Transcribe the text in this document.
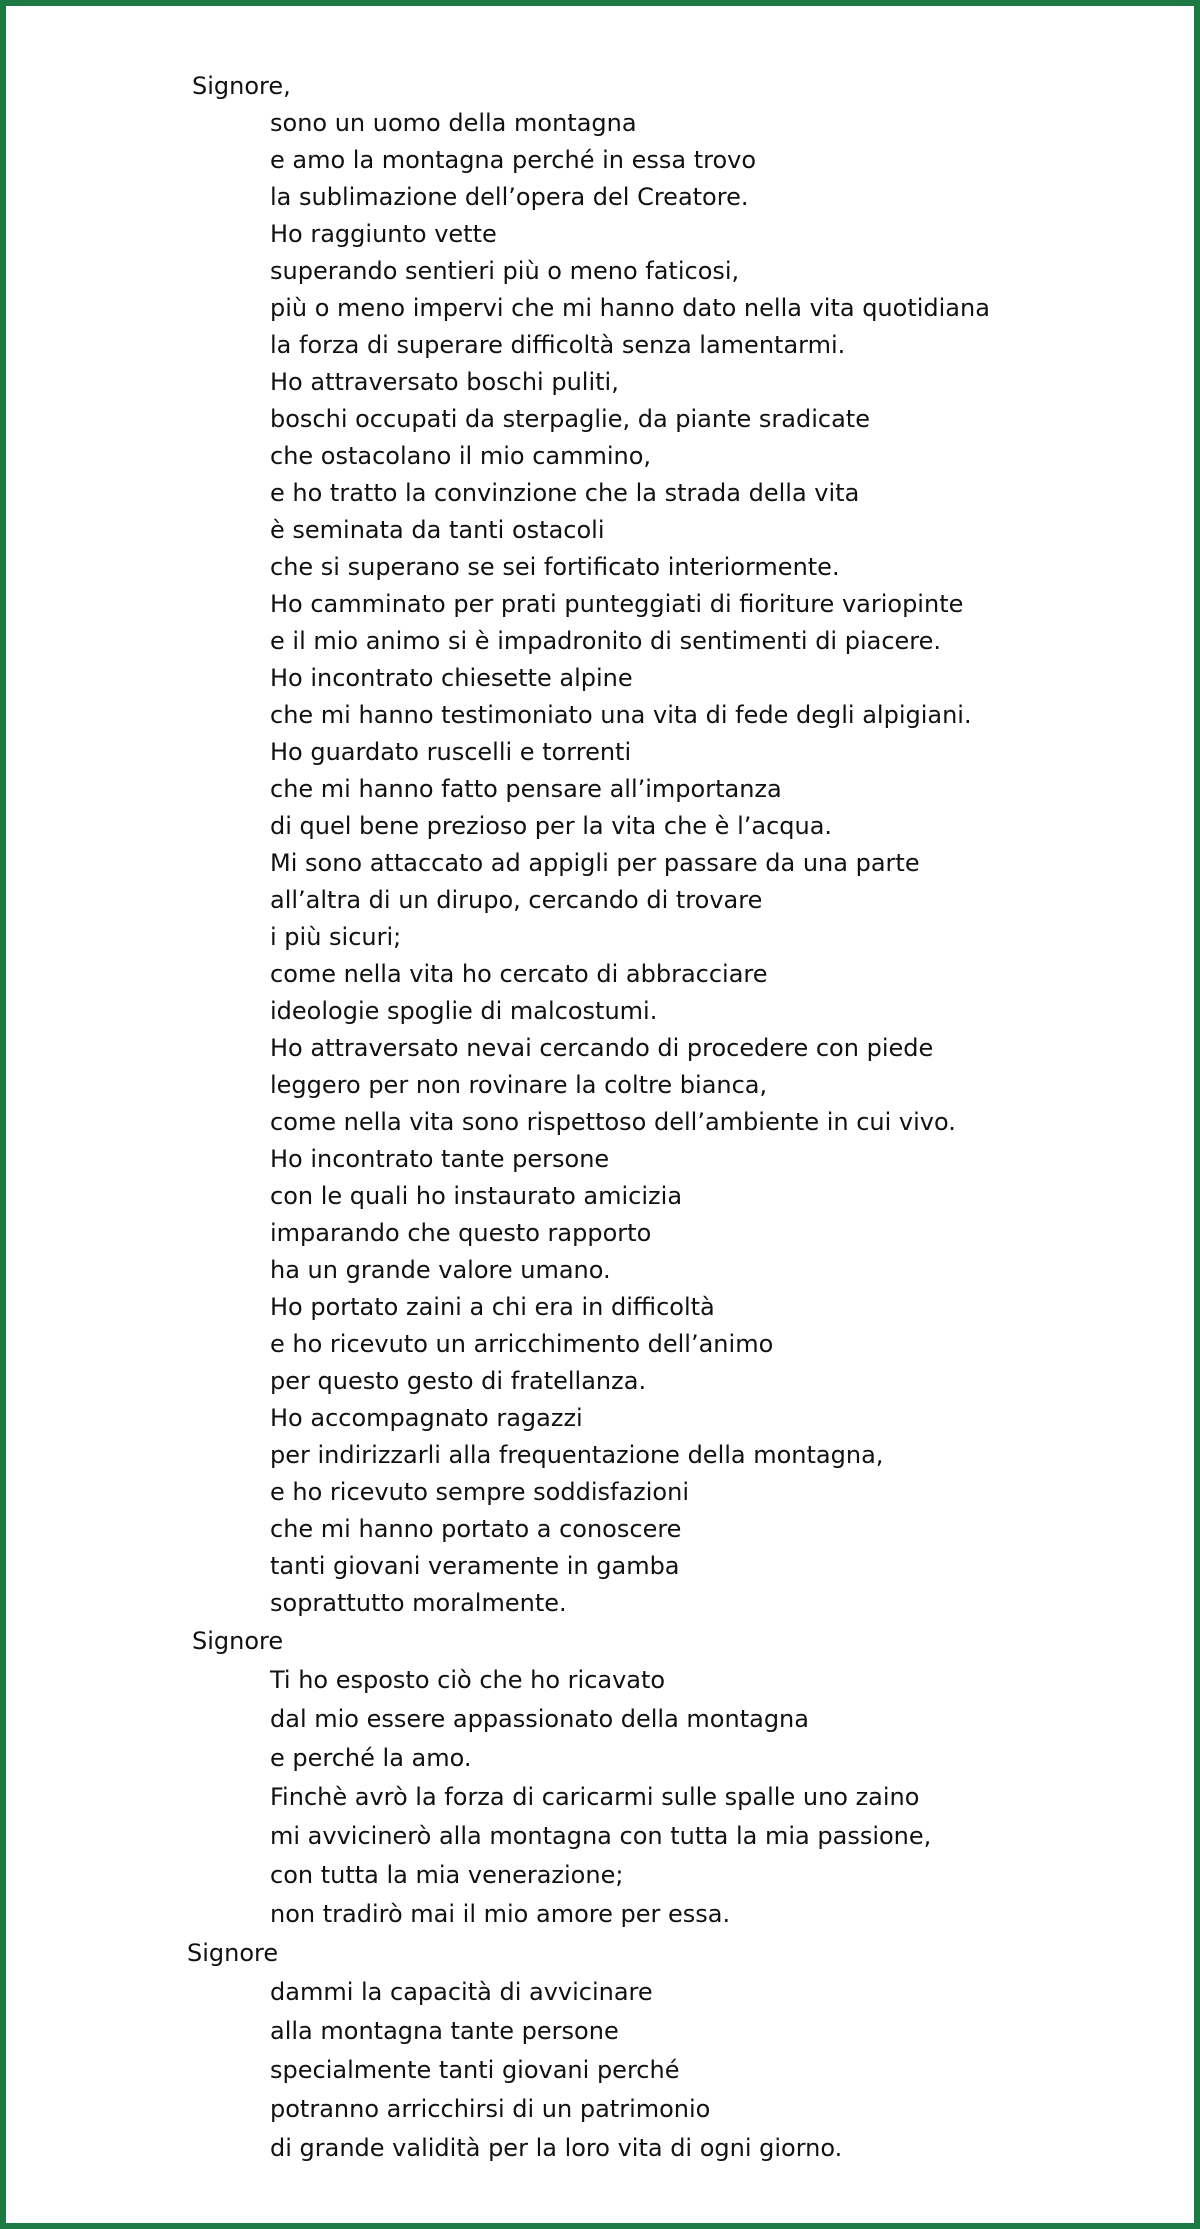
Signore,
sono un uomo della montagna
e amo la montagna perché in essa trovo
la sublimazione dell’opera del Creatore.
Ho raggiunto vette
superando sentieri più o meno faticosi,
più o meno impervi che mi hanno dato nella vita quotidiana
la forza di superare difficoltà senza lamentarmi.
Ho attraversato boschi puliti,
boschi occupati da sterpaglie, da piante sradicate
che ostacolano il mio cammino,
e ho tratto la convinzione che la strada della vita
è seminata da tanti ostacoli
che si superano se sei fortificato interiormente.
Ho camminato per prati punteggiati di fioriture variopinte
e il mio animo si è impadronito di sentimenti di piacere.
Ho incontrato chiesette alpine
che mi hanno testimoniato una vita di fede degli alpigiani.
Ho guardato ruscelli e torrenti
che mi hanno fatto pensare all’importanza
di quel bene prezioso per la vita che è l’acqua.
Mi sono attaccato ad appigli per passare da una parte
all’altra di un dirupo, cercando di trovare
i più sicuri;
come nella vita ho cercato di abbracciare
ideologie spoglie di malcostumi.
Ho attraversato nevai cercando di procedere con piede
leggero per non rovinare la coltre bianca,
come nella vita sono rispettoso dell’ambiente in cui vivo.
Ho incontrato tante persone
con le quali ho instaurato amicizia
imparando che questo rapporto
ha un grande valore umano.
Ho portato zaini a chi era in difficoltà
e ho ricevuto un arricchimento dell’animo
per questo gesto di fratellanza.
Ho accompagnato ragazzi
per indirizzarli alla frequentazione della montagna,
e ho ricevuto sempre soddisfazioni
che mi hanno portato a conoscere
tanti giovani veramente in gamba
soprattutto moralmente.
Signore
Ti ho esposto ciò che ho ricavato
dal mio essere appassionato della montagna
e perché la amo.
Finchè avrò la forza di caricarmi sulle spalle uno zaino
mi avvicinerò alla montagna con tutta la mia passione,
con tutta la mia venerazione;
non tradirò mai il mio amore per essa.
Signore
dammi la capacità di avvicinare
alla montagna tante persone
specialmente tanti giovani perché
potranno arricchirsi di un patrimonio
di grande validità per la loro vita di ogni giorno.
